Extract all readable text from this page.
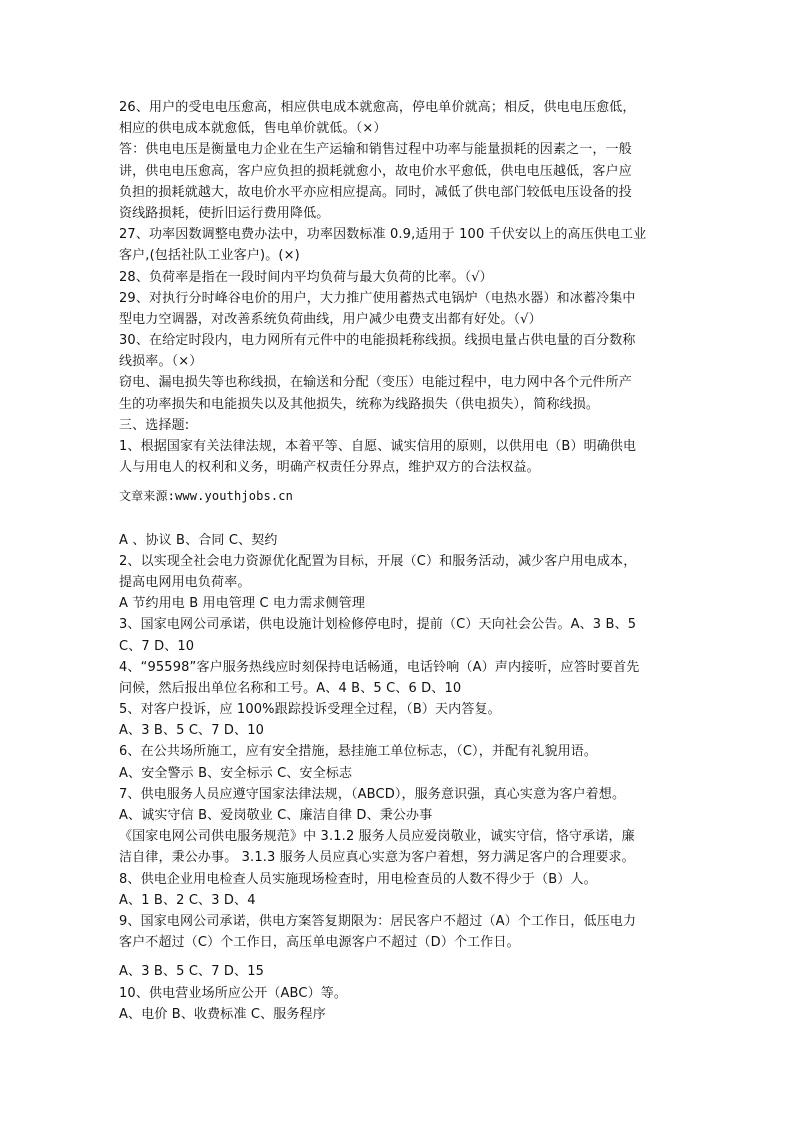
26、用户的受电电压愈高，相应供电成本就愈高，停电单价就高；相反，供电电压愈低，
相应的供电成本就愈低，售电单价就低。（×）
答：供电电压是衡量电力企业在生产运输和销售过程中功率与能量损耗的因素之一，一般
讲，供电电压愈高，客户应负担的损耗就愈小，故电价水平愈低，供电电压越低，客户应
负担的损耗就越大，故电价水平亦应相应提高。同时，减低了供电部门较低电压设备的投
资线路损耗，使折旧运行费用降低。
27、功率因数调整电费办法中，功率因数标准 0.9,适用于 100 千伏安以上的高压供电工业
客户,(包括社队工业客户)。(×)
28、负荷率是指在一段时间内平均负荷与最大负荷的比率。（√）
29、对执行分时峰谷电价的用户，大力推广使用蓄热式电锅炉（电热水器）和冰蓄冷集中
型电力空调器，对改善系统负荷曲线，用户减少电费支出都有好处。（√）
30、在给定时段内，电力网所有元件中的电能损耗称线损。线损电量占供电量的百分数称
线损率。（×）
窃电、漏电损失等也称线损，在输送和分配（变压）电能过程中，电力网中各个元件所产
生的功率损失和电能损失以及其他损失，统称为线路损失（供电损失），简称线损。
三、选择题:
1、根据国家有关法律法规，本着平等、自愿、诚实信用的原则，以供用电（B）明确供电
人与用电人的权利和义务，明确产权责任分界点，维护双方的合法权益。
文章来源:www.youthjobs.cn
A 、协议 B、合同 C、契约
2、以实现全社会电力资源优化配置为目标，开展（C）和服务活动，减少客户用电成本，
提高电网用电负荷率。
A 节约用电 B 用电管理 C 电力需求侧管理
3、国家电网公司承诺，供电设施计划检修停电时，提前（C）天向社会公告。A、3 B、5
C、7 D、10
4、“95598”客户服务热线应时刻保持电话畅通，电话铃响（A）声内接听，应答时要首先
问候，然后报出单位名称和工号。A、4 B、5 C、6 D、10
5、对客户投诉，应 100%跟踪投诉受理全过程，（B）天内答复。
A、3 B、5 C、7 D、10
6、在公共场所施工，应有安全措施，悬挂施工单位标志，（C），并配有礼貌用语。
A、安全警示 B、安全标示 C、安全标志
7、供电服务人员应遵守国家法律法规，（ABCD），服务意识强，真心实意为客户着想。
A、诚实守信 B、爱岗敬业 C、廉洁自律 D、秉公办事
《国家电网公司供电服务规范》中 3.1.2 服务人员应爱岗敬业，诚实守信，恪守承诺，廉
洁自律，秉公办事。 3.1.3 服务人员应真心实意为客户着想，努力满足客户的合理要求。
8、供电企业用电检查人员实施现场检查时，用电检查员的人数不得少于（B）人。
A、1 B、2 C、3 D、4
9、国家电网公司承诺，供电方案答复期限为：居民客户不超过（A）个工作日，低压电力
客户不超过（C）个工作日，高压单电源客户不超过（D）个工作日。
A、3 B、5 C、7 D、15
10、供电营业场所应公开（ABC）等。
A、电价 B、收费标准 C、服务程序
